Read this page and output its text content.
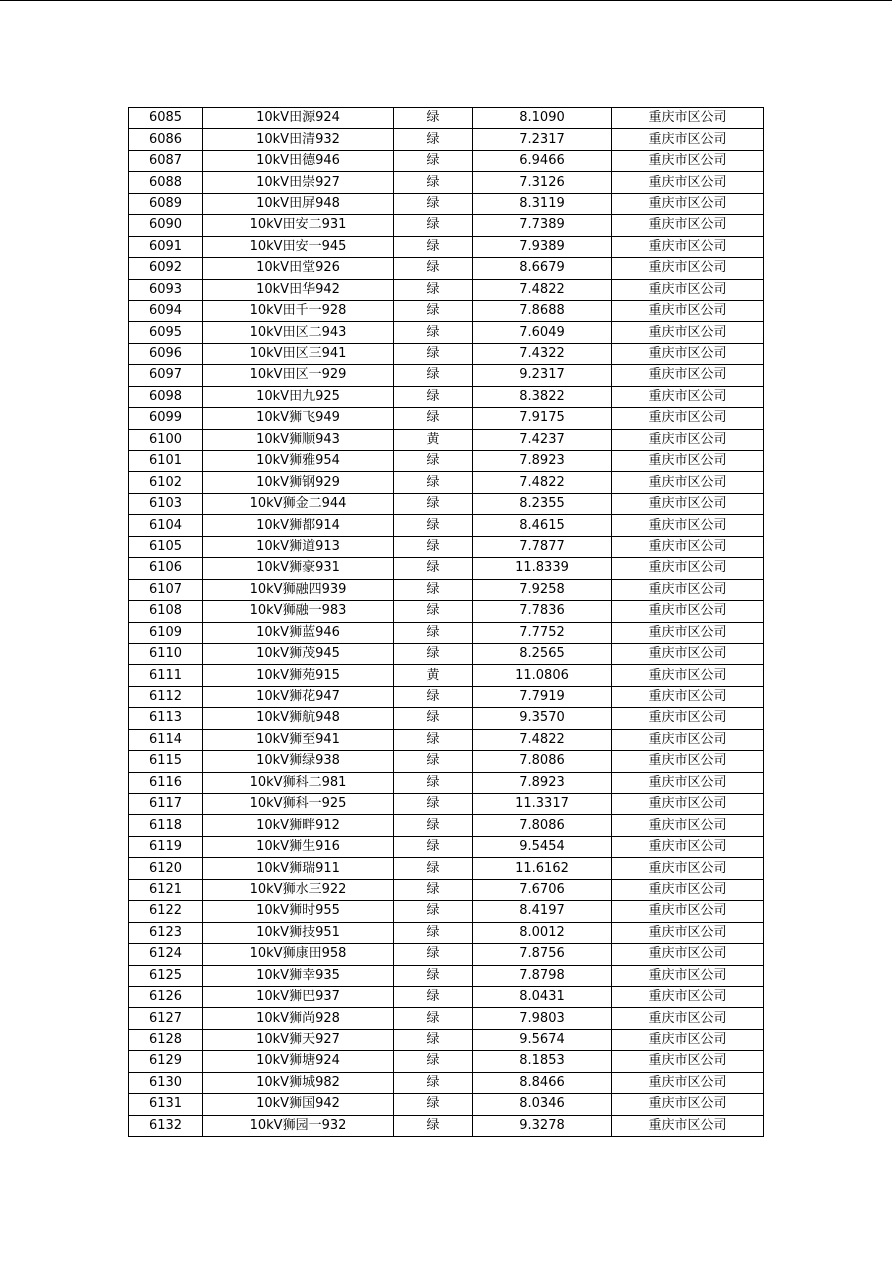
6085	10kV田源924	绿	8.1090	重庆市区公司
6086	10kV田清932	绿	7.2317	重庆市区公司
6087	10kV田德946	绿	6.9466	重庆市区公司
6088	10kV田崇927	绿	7.3126	重庆市区公司
6089	10kV田屏948	绿	8.3119	重庆市区公司
6090	10kV田安二931	绿	7.7389	重庆市区公司
6091	10kV田安一945	绿	7.9389	重庆市区公司
6092	10kV田堂926	绿	8.6679	重庆市区公司
6093	10kV田华942	绿	7.4822	重庆市区公司
6094	10kV田千一928	绿	7.8688	重庆市区公司
6095	10kV田区二943	绿	7.6049	重庆市区公司
6096	10kV田区三941	绿	7.4322	重庆市区公司
6097	10kV田区一929	绿	9.2317	重庆市区公司
6098	10kV田九925	绿	8.3822	重庆市区公司
6099	10kV狮飞949	绿	7.9175	重庆市区公司
6100	10kV狮顺943	黄	7.4237	重庆市区公司
6101	10kV狮雅954	绿	7.8923	重庆市区公司
6102	10kV狮钢929	绿	7.4822	重庆市区公司
6103	10kV狮金二944	绿	8.2355	重庆市区公司
6104	10kV狮都914	绿	8.4615	重庆市区公司
6105	10kV狮道913	绿	7.7877	重庆市区公司
6106	10kV狮豪931	绿	11.8339	重庆市区公司
6107	10kV狮融四939	绿	7.9258	重庆市区公司
6108	10kV狮融一983	绿	7.7836	重庆市区公司
6109	10kV狮蓝946	绿	7.7752	重庆市区公司
6110	10kV狮茂945	绿	8.2565	重庆市区公司
6111	10kV狮苑915	黄	11.0806	重庆市区公司
6112	10kV狮花947	绿	7.7919	重庆市区公司
6113	10kV狮航948	绿	9.3570	重庆市区公司
6114	10kV狮至941	绿	7.4822	重庆市区公司
6115	10kV狮绿938	绿	7.8086	重庆市区公司
6116	10kV狮科二981	绿	7.8923	重庆市区公司
6117	10kV狮科一925	绿	11.3317	重庆市区公司
6118	10kV狮畔912	绿	7.8086	重庆市区公司
6119	10kV狮生916	绿	9.5454	重庆市区公司
6120	10kV狮瑞911	绿	11.6162	重庆市区公司
6121	10kV狮水三922	绿	7.6706	重庆市区公司
6122	10kV狮时955	绿	8.4197	重庆市区公司
6123	10kV狮技951	绿	8.0012	重庆市区公司
6124	10kV狮康田958	绿	7.8756	重庆市区公司
6125	10kV狮幸935	绿	7.8798	重庆市区公司
6126	10kV狮巴937	绿	8.0431	重庆市区公司
6127	10kV狮尚928	绿	7.9803	重庆市区公司
6128	10kV狮天927	绿	9.5674	重庆市区公司
6129	10kV狮塘924	绿	8.1853	重庆市区公司
6130	10kV狮城982	绿	8.8466	重庆市区公司
6131	10kV狮国942	绿	8.0346	重庆市区公司
6132	10kV狮园一932	绿	9.3278	重庆市区公司
